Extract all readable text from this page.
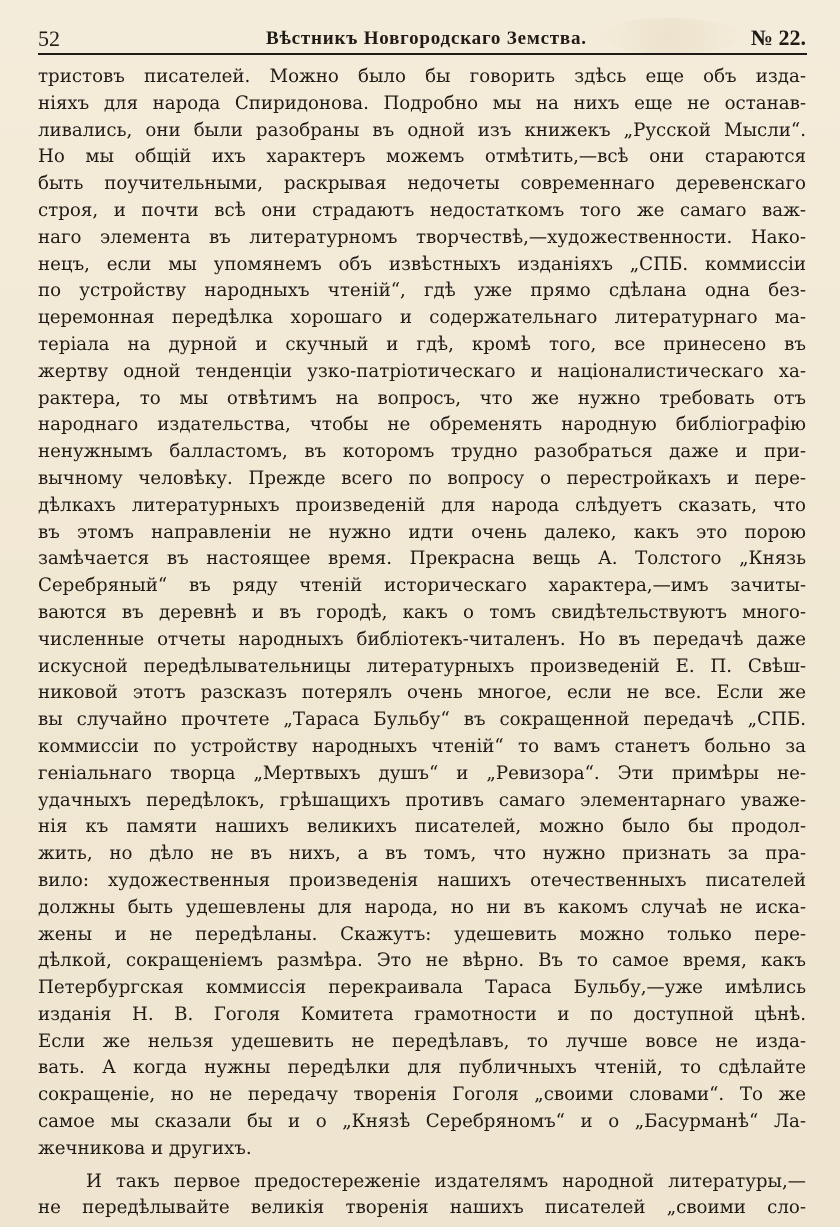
52	Вѣстникъ Новгородскаго Земства.	№ 22.
тристовъ писателей. Можно было бы говорить здѣсь еще объ изда-
ніяхъ для народа Спиридонова. Подробно мы на нихъ еще не останав-
ливались, они были разобраны въ одной изъ книжекъ „Русской Мысли“.
Но мы общій ихъ характеръ можемъ отмѣтить,—всѣ они стараются
быть поучительными, раскрывая недочеты современнаго деревенскаго
строя, и почти всѣ они страдаютъ недостаткомъ того же самаго важ-
наго элемента въ литературномъ творчествѣ,—художественности. Нако-
нецъ, если мы упомянемъ объ извѣстныхъ изданіяхъ „СПБ. коммиссіи
по устройству народныхъ чтеній“, гдѣ уже прямо сдѣлана одна без-
церемонная передѣлка хорошаго и содержательнаго литературнаго ма-
теріала на дурной и скучный и гдѣ, кромѣ того, все принесено въ
жертву одной тенденціи узко-патріотическаго и націоналистическаго ха-
рактера, то мы отвѣтимъ на вопросъ, что же нужно требовать отъ
народнаго издательства, чтобы не обременять народную библіографію
ненужнымъ балластомъ, въ которомъ трудно разобраться даже и при-
вычному человѣку. Прежде всего по вопросу о перестройкахъ и пере-
дѣлкахъ литературныхъ произведеній для народа слѣдуетъ сказать, что
въ этомъ направленіи не нужно идти очень далеко, какъ это порою
замѣчается въ настоящее время. Прекрасна вещь А. Толстого „Князь
Серебряный“ въ ряду чтеній историческаго характера,—имъ зачиты-
ваются въ деревнѣ и въ городѣ, какъ о томъ свидѣтельствуютъ много-
численные отчеты народныхъ библіотекъ-читаленъ. Но въ передачѣ даже
искусной передѣлывательницы литературныхъ произведеній Е. П. Свѣш-
никовой этотъ разсказъ потерялъ очень многое, если не все. Если же
вы случайно прочтете „Тараса Бульбу“ въ сокращенной передачѣ „СПБ.
коммиссіи по устройству народныхъ чтеній“ то вамъ станетъ больно за
геніальнаго творца „Мертвыхъ душъ“ и „Ревизора“. Эти примѣры не-
удачныхъ передѣлокъ, грѣшащихъ противъ самаго элементарнаго уваже-
нія къ памяти нашихъ великихъ писателей, можно было бы продол-
жить, но дѣло не въ нихъ, а въ томъ, что нужно признать за пра-
вило: художественныя произведенія нашихъ отечественныхъ писателей
должны быть удешевлены для народа, но ни въ какомъ случаѣ не иска-
жены и не передѣланы. Скажутъ: удешевить можно только пере-
дѣлкой, сокращеніемъ размѣра. Это не вѣрно. Въ то самое время, какъ
Петербургская коммиссія перекраивала Тараса Бульбу,—уже имѣлись
изданія Н. В. Гоголя Комитета грамотности и по доступной цѣнѣ.
Если же нельзя удешевить не передѣлавъ, то лучше вовсе не изда-
вать. А когда нужны передѣлки для публичныхъ чтеній, то сдѣлайте
сокращеніе, но не передачу творенія Гоголя „своими словами“. То же
самое мы сказали бы и о „Князѣ Серебряномъ“ и о „Басурманѣ“ Ла-
жечникова и другихъ.
И такъ первое предостереженіе издателямъ народной литературы,—
не передѣлывайте великія творенія нашихъ писателей „своими сло-
